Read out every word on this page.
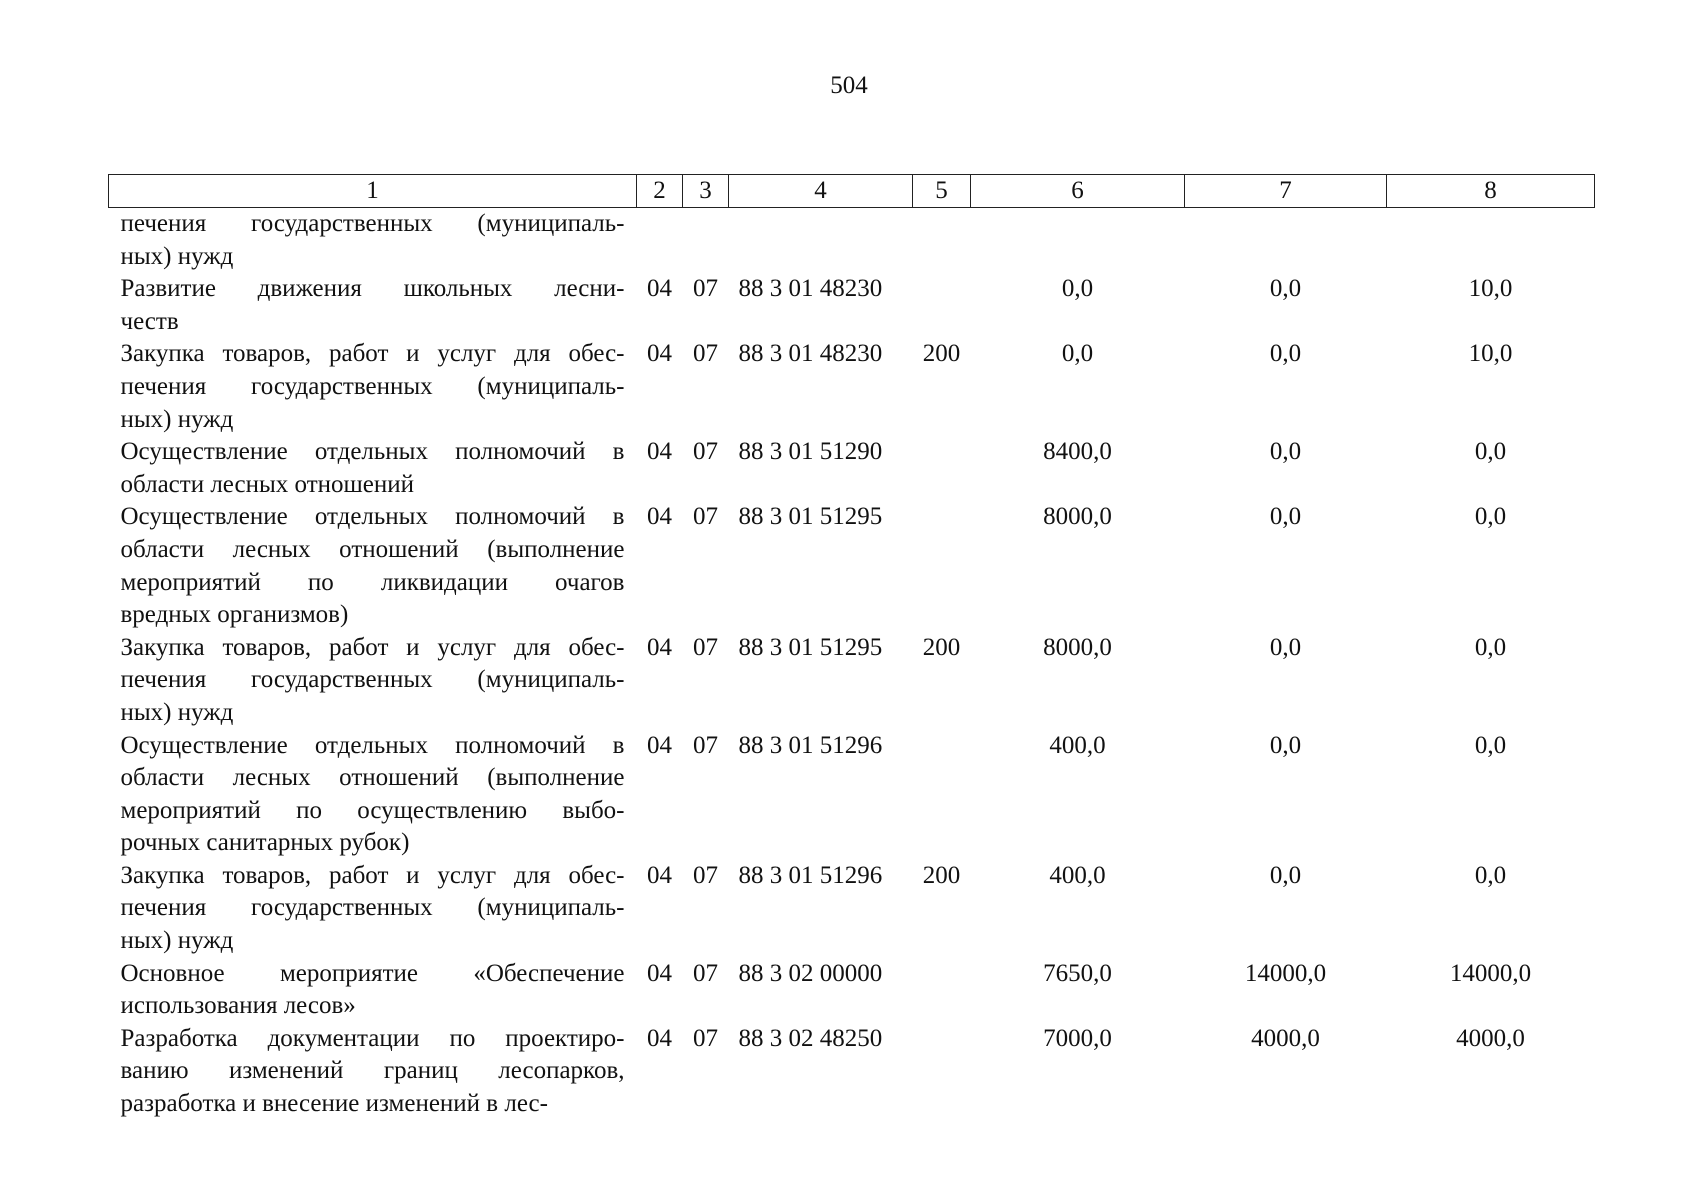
504
1	2	3	4	5	6	7	8

печения государственных (муниципаль-
ных) нужд							

Развитие движения школьных лесни-
честв	04	07	88 3 01 48230		0,0	0,0	10,0

Закупка товаров, работ и услуг для обес-
печения государственных (муниципаль-
ных) нужд	04	07	88 3 01 48230	200	0,0	0,0	10,0

Осуществление отдельных полномочий в
области лесных отношений	04	07	88 3 01 51290		8400,0	0,0	0,0

Осуществление отдельных полномочий в
области лесных отношений (выполнение
мероприятий по ликвидации очагов
вредных организмов)	04	07	88 3 01 51295		8000,0	0,0	0,0

Закупка товаров, работ и услуг для обес-
печения государственных (муниципаль-
ных) нужд	04	07	88 3 01 51295	200	8000,0	0,0	0,0

Осуществление отдельных полномочий в
области лесных отношений (выполнение
мероприятий по осуществлению выбо-
рочных санитарных рубок)	04	07	88 3 01 51296		400,0	0,0	0,0

Закупка товаров, работ и услуг для обес-
печения государственных (муниципаль-
ных) нужд	04	07	88 3 01 51296	200	400,0	0,0	0,0

Основное мероприятие «Обеспечение
использования лесов»	04	07	88 3 02 00000		7650,0	14000,0	14000,0

Разработка документации по проектиро-
ванию изменений границ лесопарков,
разработка и внесение изменений в лес-	04	07	88 3 02 48250		7000,0	4000,0	4000,0
